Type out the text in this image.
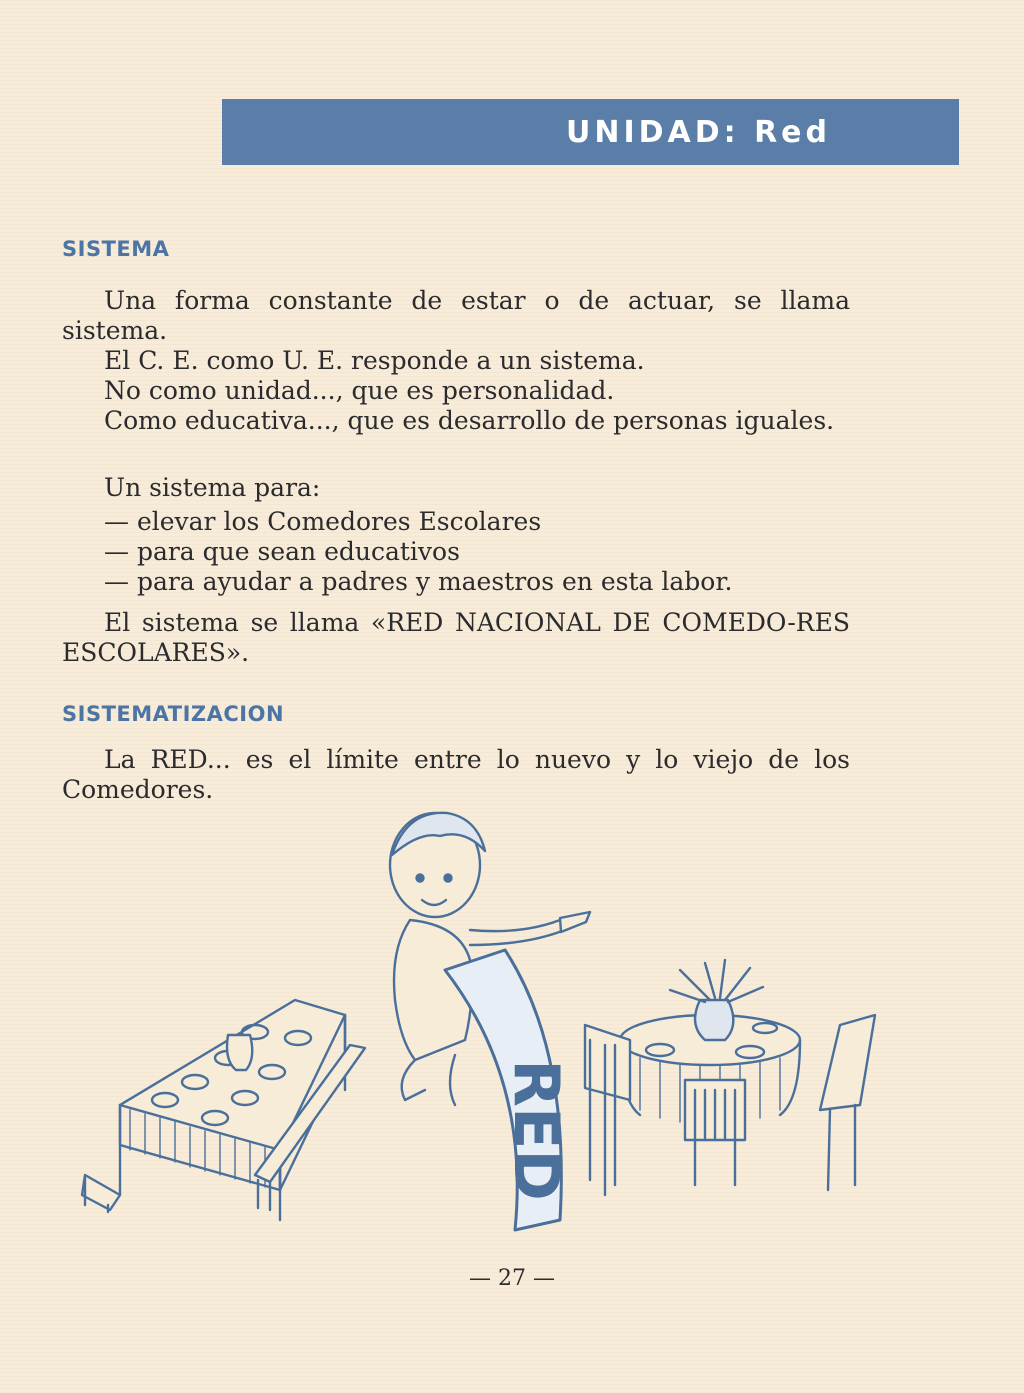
UNIDAD: Red
SISTEMA

Una forma constante de estar o de actuar, se llama sistema.

El C. E. como U. E. responde a un sistema.

No como unidad..., que es personalidad.

Como educativa..., que es desarrollo de personas iguales.

Un sistema para:

— elevar los Comedores Escolares
— para que sean educativos
— para ayudar a padres y maestros en esta labor.

El sistema se llama «RED NACIONAL DE COMEDO-RES ESCOLARES».

SISTEMATIZACION

La RED... es el límite entre lo nuevo y lo viejo de los Comedores.

RED
— 27 —
